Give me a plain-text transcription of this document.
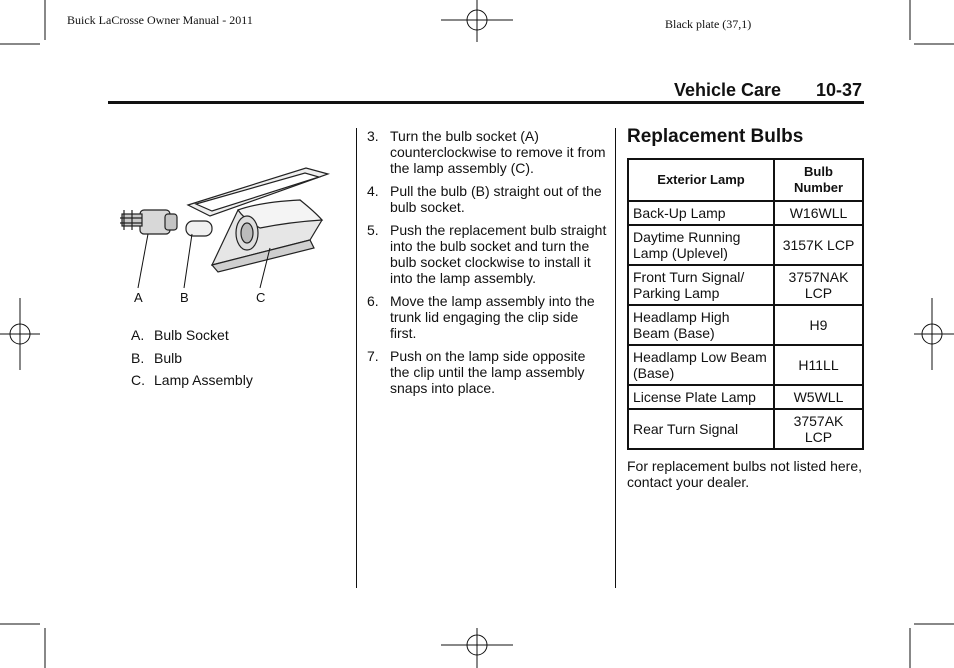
Buick LaCrosse Owner Manual - 2011	Black plate (37,1)
Vehicle Care 10-37
A	B	C
A. Bulb Socket
B. Bulb
C. Lamp Assembly
3. Turn the bulb socket (A) counterclockwise to remove it from the lamp assembly (C).
4. Pull the bulb (B) straight out of the bulb socket.
5. Push the replacement bulb straight into the bulb socket and turn the bulb socket clockwise to install it into the lamp assembly.
6. Move the lamp assembly into the trunk lid engaging the clip side first.
7. Push on the lamp side opposite the clip until the lamp assembly snaps into place.
Replacement Bulbs
Exterior Lamp	Bulb Number
Back-Up Lamp	W16WLL
Daytime Running Lamp (Uplevel)	3157K LCP
Front Turn Signal/ Parking Lamp	3757NAK LCP
Headlamp High Beam (Base)	H9
Headlamp Low Beam (Base)	H11LL
License Plate Lamp	W5WLL
Rear Turn Signal	3757AK LCP
For replacement bulbs not listed here, contact your dealer.
